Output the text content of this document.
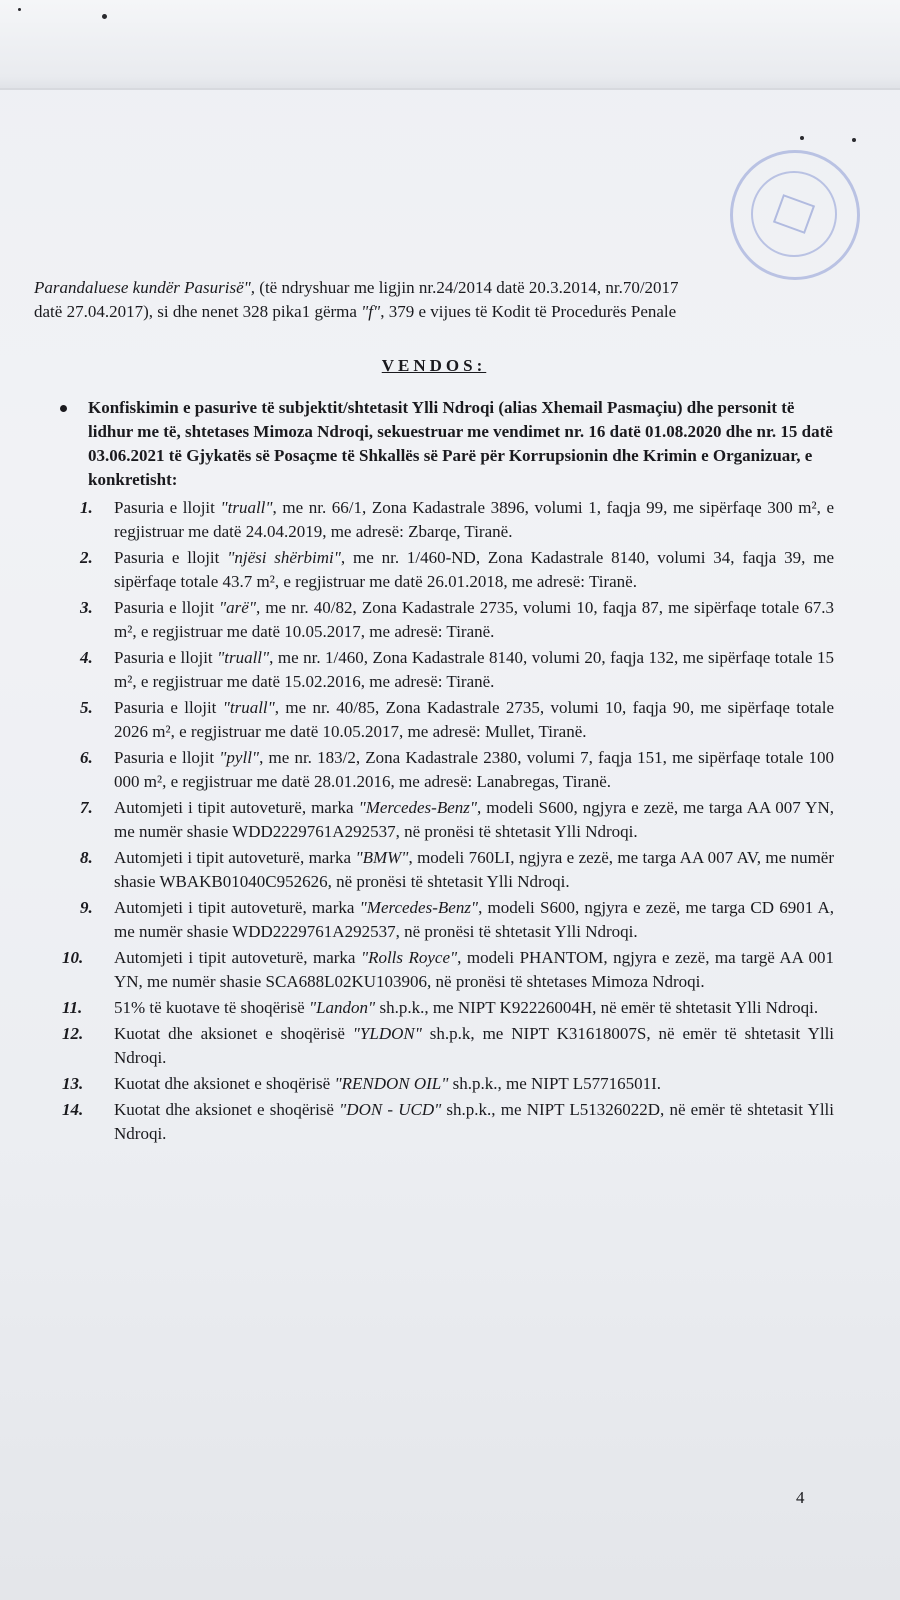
Parandaluese kundër Pasurisë", (të ndryshuar me ligjin nr.24/2014 datë 20.3.2014, nr.70/2017
datë 27.04.2017), si dhe nenet 328 pika1 gërma "f", 379 e vijues të Kodit të Procedurës Penale

VENDOS:
Konfiskimin e pasurive të subjektit/shtetasit Ylli Ndroqi (alias Xhemail Pasmaçiu) dhe personit të lidhur me të, shtetases Mimoza Ndroqi, sekuestruar me vendimet nr. 16 datë 01.08.2020 dhe nr. 15 datë 03.06.2021 të Gjykatës së Posaçme të Shkallës së Parë për Korrupsionin dhe Krimin e Organizuar, e konkretisht:
1. Pasuria e llojit "truall", me nr. 66/1, Zona Kadastrale 3896, volumi 1, faqja 99, me sipërfaqe 300 m², e regjistruar me datë 24.04.2019, me adresë: Zbarqe, Tiranë.
2. Pasuria e llojit "njësi shërbimi", me nr. 1/460-ND, Zona Kadastrale 8140, volumi 34, faqja 39, me sipërfaqe totale 43.7 m², e regjistruar me datë 26.01.2018, me adresë: Tiranë.
3. Pasuria e llojit "arë", me nr. 40/82, Zona Kadastrale 2735, volumi 10, faqja 87, me sipërfaqe totale 67.3 m², e regjistruar me datë 10.05.2017, me adresë: Tiranë.
4. Pasuria e llojit "truall", me nr. 1/460, Zona Kadastrale 8140, volumi 20, faqja 132, me sipërfaqe totale 15 m², e regjistruar me datë 15.02.2016, me adresë: Tiranë.
5. Pasuria e llojit "truall", me nr. 40/85, Zona Kadastrale 2735, volumi 10, faqja 90, me sipërfaqe totale 2026 m², e regjistruar me datë 10.05.2017, me adresë: Mullet, Tiranë.
6. Pasuria e llojit "pyll", me nr. 183/2, Zona Kadastrale 2380, volumi 7, faqja 151, me sipërfaqe totale 100 000 m², e regjistruar me datë 28.01.2016, me adresë: Lanabregas, Tiranë.
7. Automjeti i tipit autoveturë, marka "Mercedes-Benz", modeli S600, ngjyra e zezë, me targa AA 007 YN, me numër shasie WDD2229761A292537, në pronësi të shtetasit Ylli Ndroqi.
8. Automjeti i tipit autoveturë, marka "BMW", modeli 760LI, ngjyra e zezë, me targa AA 007 AV, me numër shasie WBAKB01040C952626, në pronësi të shtetasit Ylli Ndroqi.
9. Automjeti i tipit autoveturë, marka "Mercedes-Benz", modeli S600, ngjyra e zezë, me targa CD 6901 A, me numër shasie WDD2229761A292537, në pronësi të shtetasit Ylli Ndroqi.
10. Automjeti i tipit autoveturë, marka "Rolls Royce", modeli PHANTOM, ngjyra e zezë, ma targë AA 001 YN, me numër shasie SCA688L02KU103906, në pronësi të shtetases Mimoza Ndroqi.
11. 51% të kuotave të shoqërisë "Landon" sh.p.k., me NIPT K92226004H, në emër të shtetasit Ylli Ndroqi.
12. Kuotat dhe aksionet e shoqërisë "YLDON" sh.p.k, me NIPT K31618007S, në emër të shtetasit Ylli Ndroqi.
13. Kuotat dhe aksionet e shoqërisë "RENDON OIL" sh.p.k., me NIPT L57716501I.
14. Kuotat dhe aksionet e shoqërisë "DON - UCD" sh.p.k., me NIPT L51326022D, në emër të shtetasit Ylli Ndroqi.
4
